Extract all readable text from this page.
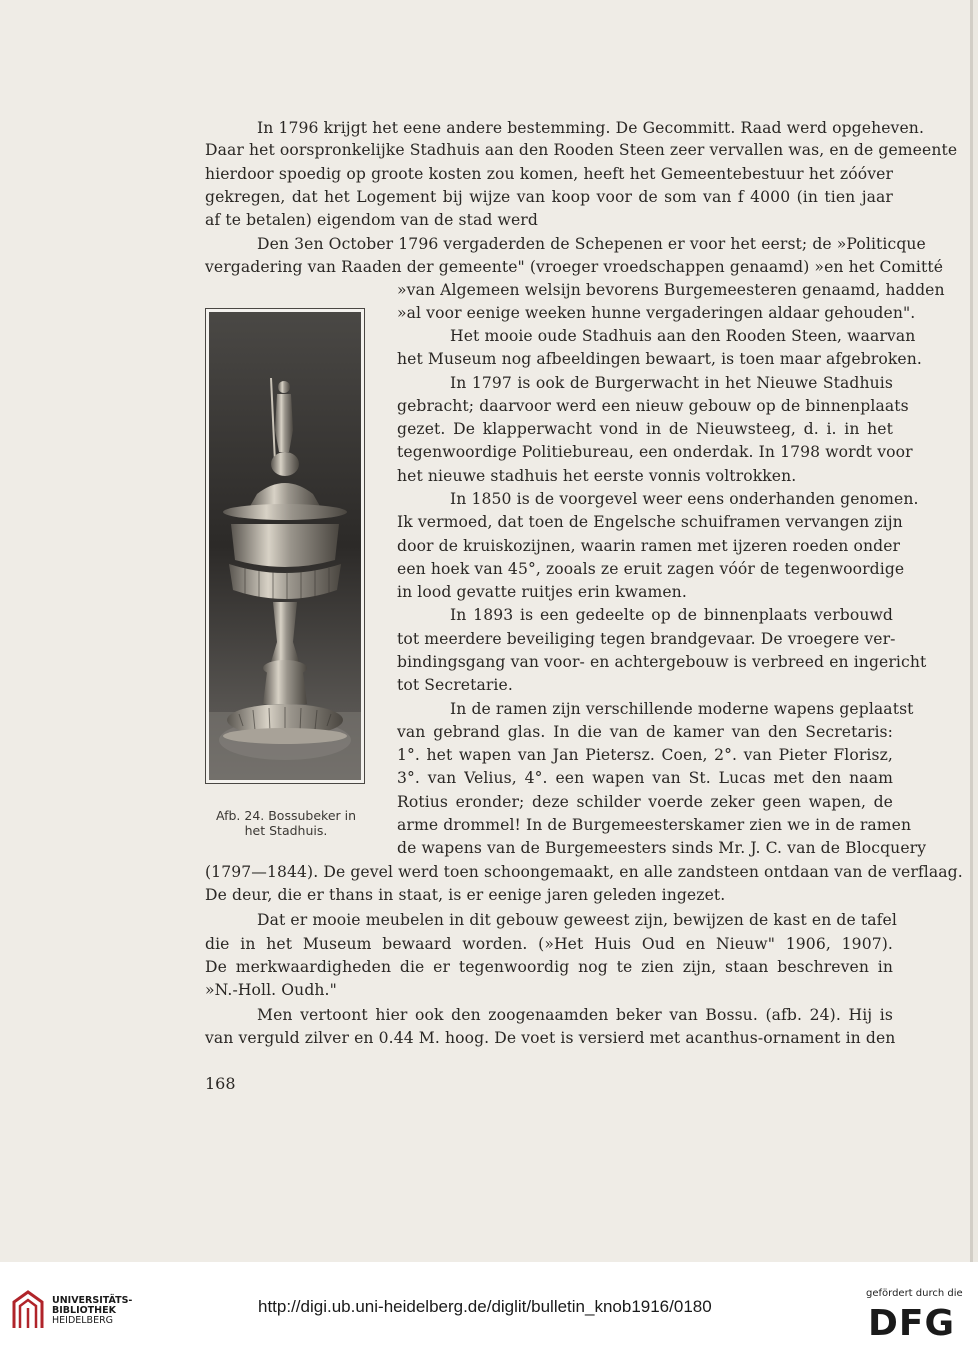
In 1796 krijgt het eene andere bestemming. De Gecommitt. Raad werd opgeheven.
Daar het oorspronkelijke Stadhuis aan den Rooden Steen zeer vervallen was, en de gemeente
hierdoor spoedig op groote kosten zou komen, heeft het Gemeentebestuur het zóóver
gekregen, dat het Logement bij wijze van koop voor de som van f 4000 (in tien jaar
af te betalen) eigendom van de stad werd
Den 3en October 1796 vergaderden de Schepenen er voor het eerst; de »Politicque
vergadering van Raaden der gemeente" (vroeger vroedschappen genaamd) »en het Comitté
»van Algemeen welsijn bevorens Burgemeesteren genaamd, hadden
»al voor eenige weeken hunne vergaderingen aldaar gehouden".
Het mooie oude Stadhuis aan den Rooden Steen, waarvan
het Museum nog afbeeldingen bewaart, is toen maar afgebroken.
In 1797 is ook de Burgerwacht in het Nieuwe Stadhuis
gebracht; daarvoor werd een nieuw gebouw op de binnenplaats
gezet. De klapperwacht vond in de Nieuwsteeg, d. i. in het
tegenwoordige Politiebureau, een onderdak. In 1798 wordt voor
het nieuwe stadhuis het eerste vonnis voltrokken.
In 1850 is de voorgevel weer eens onderhanden genomen.
Ik vermoed, dat toen de Engelsche schuiframen vervangen zijn
door de kruiskozijnen, waarin ramen met ijzeren roeden onder
een hoek van 45°, zooals ze eruit zagen vóór de tegenwoordige
in lood gevatte ruitjes erin kwamen.
In 1893 is een gedeelte op de binnenplaats verbouwd
tot meerdere beveiliging tegen brandgevaar. De vroegere ver-
bindingsgang van voor- en achtergebouw is verbreed en ingericht
tot Secretarie.
In de ramen zijn verschillende moderne wapens geplaatst
van gebrand glas. In die van de kamer van den Secretaris:
1°. het wapen van Jan Pietersz. Coen, 2°. van Pieter Florisz,
3°. van Velius, 4°. een wapen van St. Lucas met den naam
Rotius eronder; deze schilder voerde zeker geen wapen, de
arme drommel! In de Burgemeesterskamer zien we in de ramen
de wapens van de Burgemeesters sinds Mr. J. C. van de Blocquery
(1797—1844). De gevel werd toen schoongemaakt, en alle zandsteen ontdaan van de verflaag.
De deur, die er thans in staat, is er eenige jaren geleden ingezet.
Dat er mooie meubelen in dit gebouw geweest zijn, bewijzen de kast en de tafel
die in het Museum bewaard worden. (»Het Huis Oud en Nieuw" 1906, 1907).
De merkwaardigheden die er tegenwoordig nog te zien zijn, staan beschreven in
»N.-Holl. Oudh."
Men vertoont hier ook den zoogenaamden beker van Bossu. (afb. 24). Hij is
van verguld zilver en 0.44 M. hoog. De voet is versierd met acanthus-ornament in den
Afb. 24. Bossubeker in
het Stadhuis.
168
UNIVERSITÄTS-
BIBLIOTHEK
HEIDELBERG
http://digi.ub.uni-heidelberg.de/diglit/bulletin_knob1916/0180
gefördert durch die
DFG
